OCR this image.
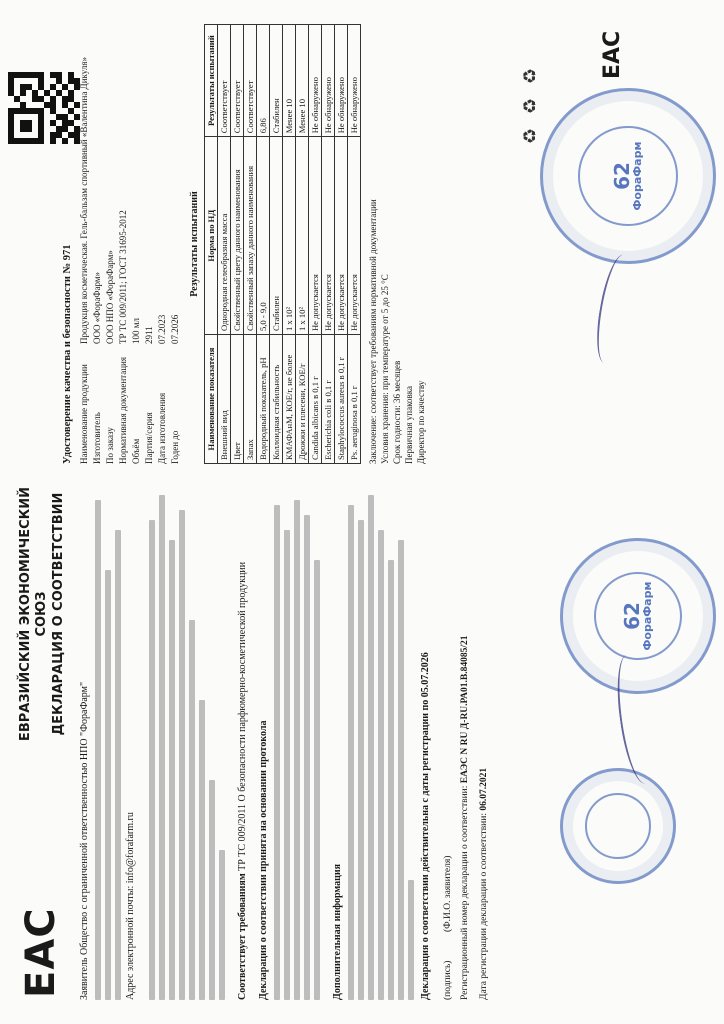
EAC
ЕВРАЗИЙСКИЙ ЭКОНОМИЧЕСКИЙ СОЮЗ ДЕКЛАРАЦИЯ О СООТВЕТСТВИИ
Заявитель Общество с ограниченной ответственностью НПО "ФораФарм"	Адрес электронной почты: info@forafarm.ru	Соответствует требованиям ТР ТС 009/2011 О безопасности парфюмерно-косметической продукции Декларация о соответствии принята на основании протокола	Дополнительная информация	Декларация о соответствии действительна с даты регистрации по 05.07.2026
(подпись)            (Ф.И.О. заявителя) Регистрационный номер декларации о соответствии: ЕАЭС N RU Д-RU.РА01.В.84085/21
Дата регистрации декларации о соответствии: 06.07.2021
62
ФораФарм
Удостоверение качества и безопасности № 971 Наименование продукции
Продукция косметическая. Гель-бальзам спортивный «Валентина Дикуля»
Изготовитель
ООО «ФораФарм»
По заказу
ООО НПО «ФораФарм»
Нормативная документация
ТР ТС 009/2011; ГОСТ 31695-2012
Объём
100 мл
Партия/серия
2911
Дата изготовления
07.2023
Годен до
07.2026
Результаты испытаний
Наименование показателя	Норма по НД	Результаты испытаний
Внешний вид	Однородная гелеобразная масса	Соответствует
Цвет	Свойственный цвету данного наименования	Соответствует
Запах	Свойственный запаху данного наименования	Соответствует
Водородный показатель, pH	5,0 - 9,0	6,86
Коллоидная стабильность	Стабилен	Стабилен
КМАФАнМ, КОЕ/г, не более	1 х 10²	Менее 10
Дрожжи и плесени, КОЕ/г	1 х 10²	Менее 10
Candida albicans в 0,1 г	Не допускается	Не обнаружено
Escherichia coli в 0,1 г	Не допускается	Не обнаружено
Staphylococcus aureus в 0,1 г	Не допускается	Не обнаружено
Ps. aeruginosa в 0,1 г	Не допускается	Не обнаружено
Заключение: соответствует требованиям нормативной документации Условия хранения: при температуре от 5 до 25 °С Срок годности: 36 месяцев Первичная упаковка Директор по качеству
62
ФораФарм
EAC
♻
♻
♻
